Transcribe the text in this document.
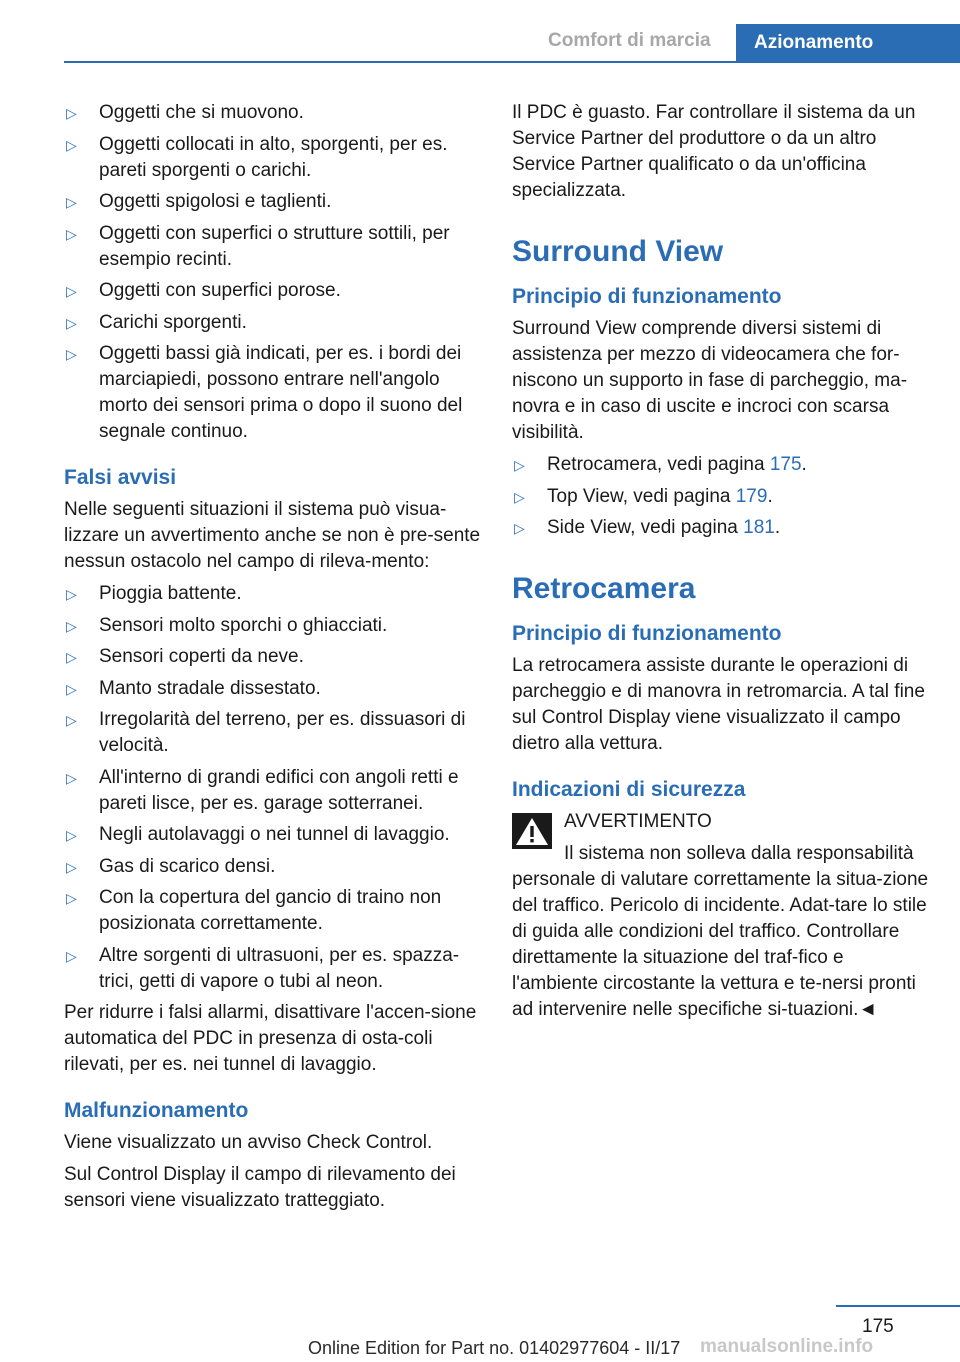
Comfort di marcia	Azionamento
▷ Oggetti che si muovono.
▷ Oggetti collocati in alto, sporgenti, per es. pareti sporgenti o carichi.
▷ Oggetti spigolosi e taglienti.
▷ Oggetti con superfici o strutture sottili, per esempio recinti.
▷ Oggetti con superfici porose.
▷ Carichi sporgenti.
▷ Oggetti bassi già indicati, per es. i bordi dei marciapiedi, possono entrare nell'angolo morto dei sensori prima o dopo il suono del segnale continuo.
Falsi avvisi

Nelle seguenti situazioni il sistema può visua-lizzare un avvertimento anche se non è pre-sente nessun ostacolo nel campo di rileva-mento:

▷ Pioggia battente.
▷ Sensori molto sporchi o ghiacciati.
▷ Sensori coperti da neve.
▷ Manto stradale dissestato.
▷ Irregolarità del terreno, per es. dissuasori di velocità.
▷ All'interno di grandi edifici con angoli retti e pareti lisce, per es. garage sotterranei.
▷ Negli autolavaggi o nei tunnel di lavaggio.
▷ Gas di scarico densi.
▷ Con la copertura del gancio di traino non posizionata correttamente.
▷ Altre sorgenti di ultrasuoni, per es. spazza-trici, getti di vapore o tubi al neon.

Per ridurre i falsi allarmi, disattivare l'accen-sione automatica del PDC in presenza di osta-coli rilevati, per es. nei tunnel di lavaggio.

Malfunzionamento

Viene visualizzato un avviso Check Control.

Sul Control Display il campo di rilevamento dei sensori viene visualizzato tratteggiato.

Il PDC è guasto. Far controllare il sistema da un Service Partner del produttore o da un altro Service Partner qualificato o da un'officina specializzata.

Surround View
Principio di funzionamento

Surround View comprende diversi sistemi di assistenza per mezzo di videocamera che for-niscono un supporto in fase di parcheggio, ma-novra e in caso di uscite e incroci con scarsa visibilità.

▷ Retrocamera, vedi pagina 175.
▷ Top View, vedi pagina 179.
▷ Side View, vedi pagina 181.
Retrocamera
Principio di funzionamento

La retrocamera assiste durante le operazioni di parcheggio e di manovra in retromarcia. A tal fine sul Control Display viene visualizzato il campo dietro alla vettura.

Indicazioni di sicurezza
AVVERTIMENTO
Il sistema non solleva dalla responsabilità
personale di valutare correttamente la situa-zione del traffico. Pericolo di incidente. Adat-tare lo stile di guida alle condizioni del traffico. Controllare direttamente la situazione del traf-fico e l'ambiente circostante la vettura e te-nersi pronti ad intervenire nelle specifiche si-tuazioni.◄
175
Online Edition for Part no. 01402977604 - II/17 manualsonline.info
